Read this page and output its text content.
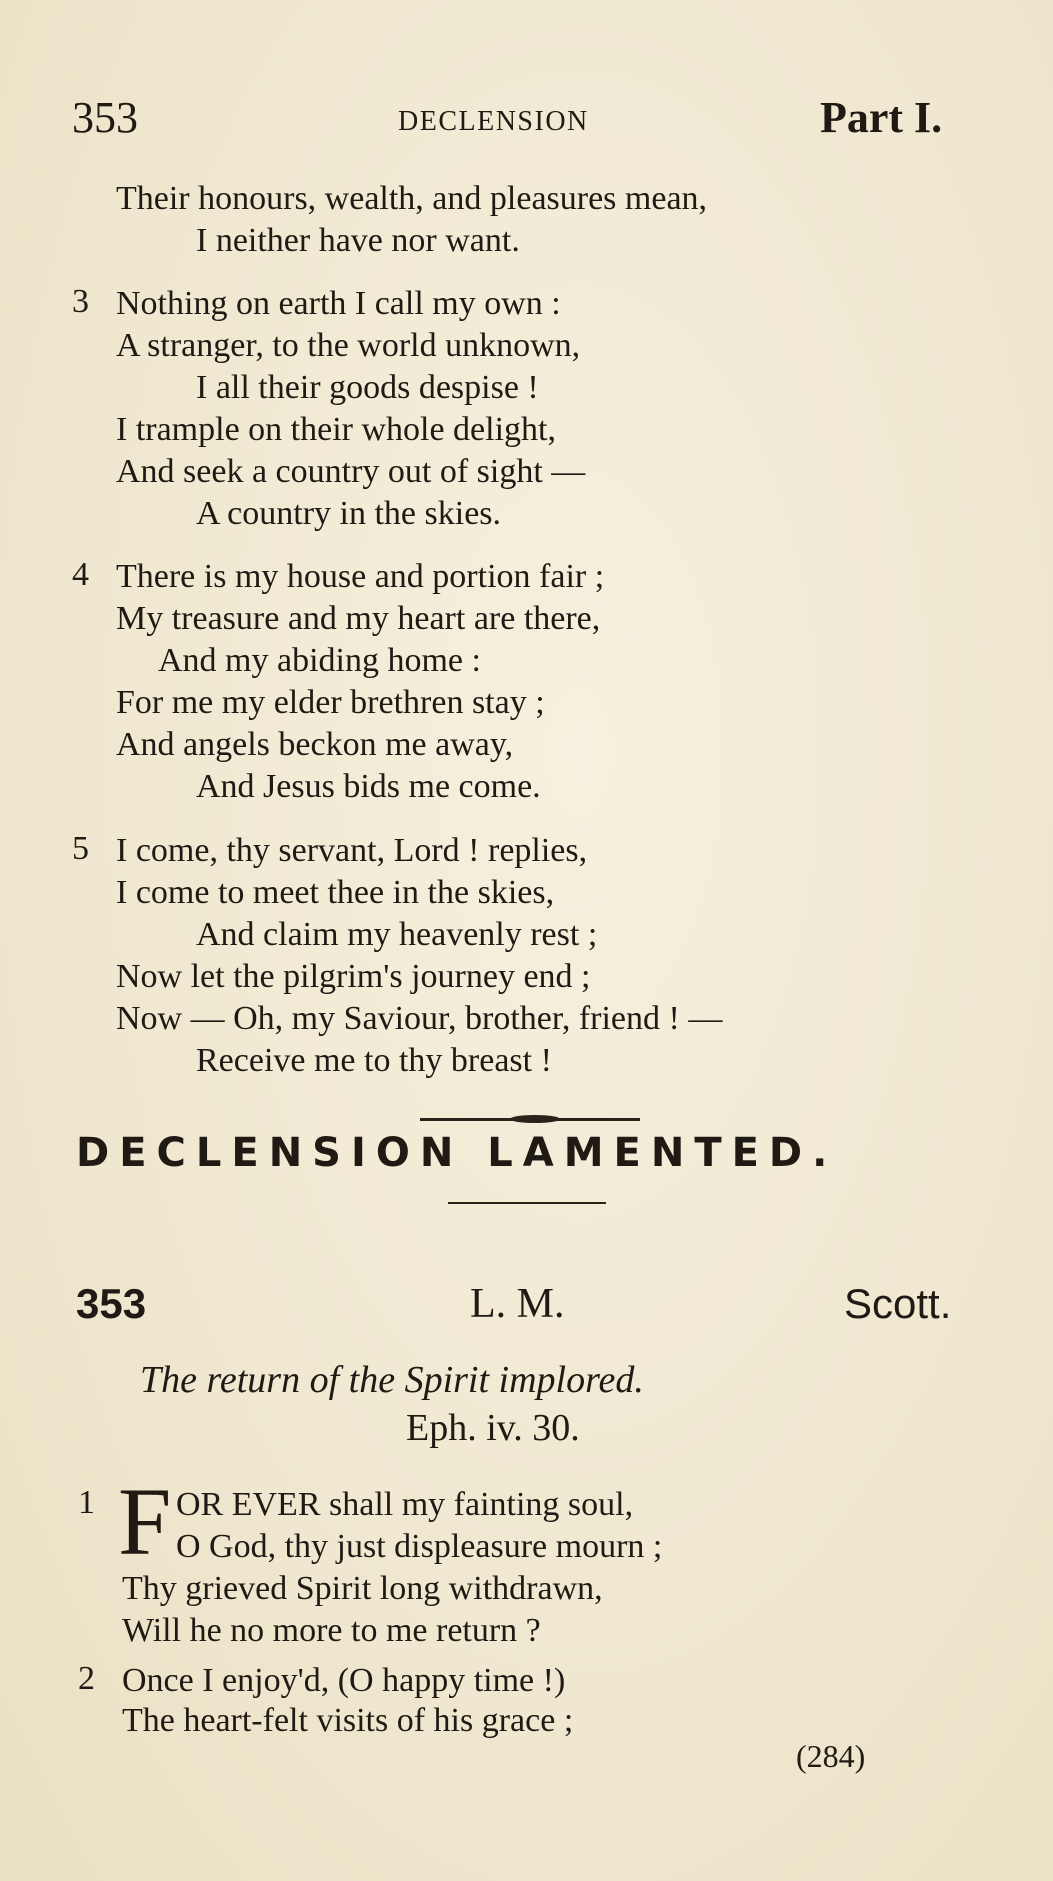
353	DECLENSION	Part I.
Their honours, wealth, and pleasures mean,
I neither have nor want.
3 Nothing on earth I call my own :
A stranger, to the world unknown,
I all their goods despise !
I trample on their whole delight,
And seek a country out of sight —
A country in the skies.
4 There is my house and portion fair ;
My treasure and my heart are there,
And my abiding home :
For me my elder brethren stay ;
And angels beckon me away,
And Jesus bids me come.
5 I come, thy servant, Lord ! replies,
I come to meet thee in the skies,
And claim my heavenly rest ;
Now let the pilgrim's journey end ;
Now — Oh, my Saviour, brother, friend ! —
Receive me to thy breast !
DECLENSION LAMENTED.
353	L. M.	Scott.
The return of the Spirit implored.
Eph. iv. 30.
1 F OR EVER shall my fainting soul,
O God, thy just displeasure mourn ;
Thy grieved Spirit long withdrawn,
Will he no more to me return ?
2 Once I enjoy'd, (O happy time !)
The heart-felt visits of his grace ;
(284)
